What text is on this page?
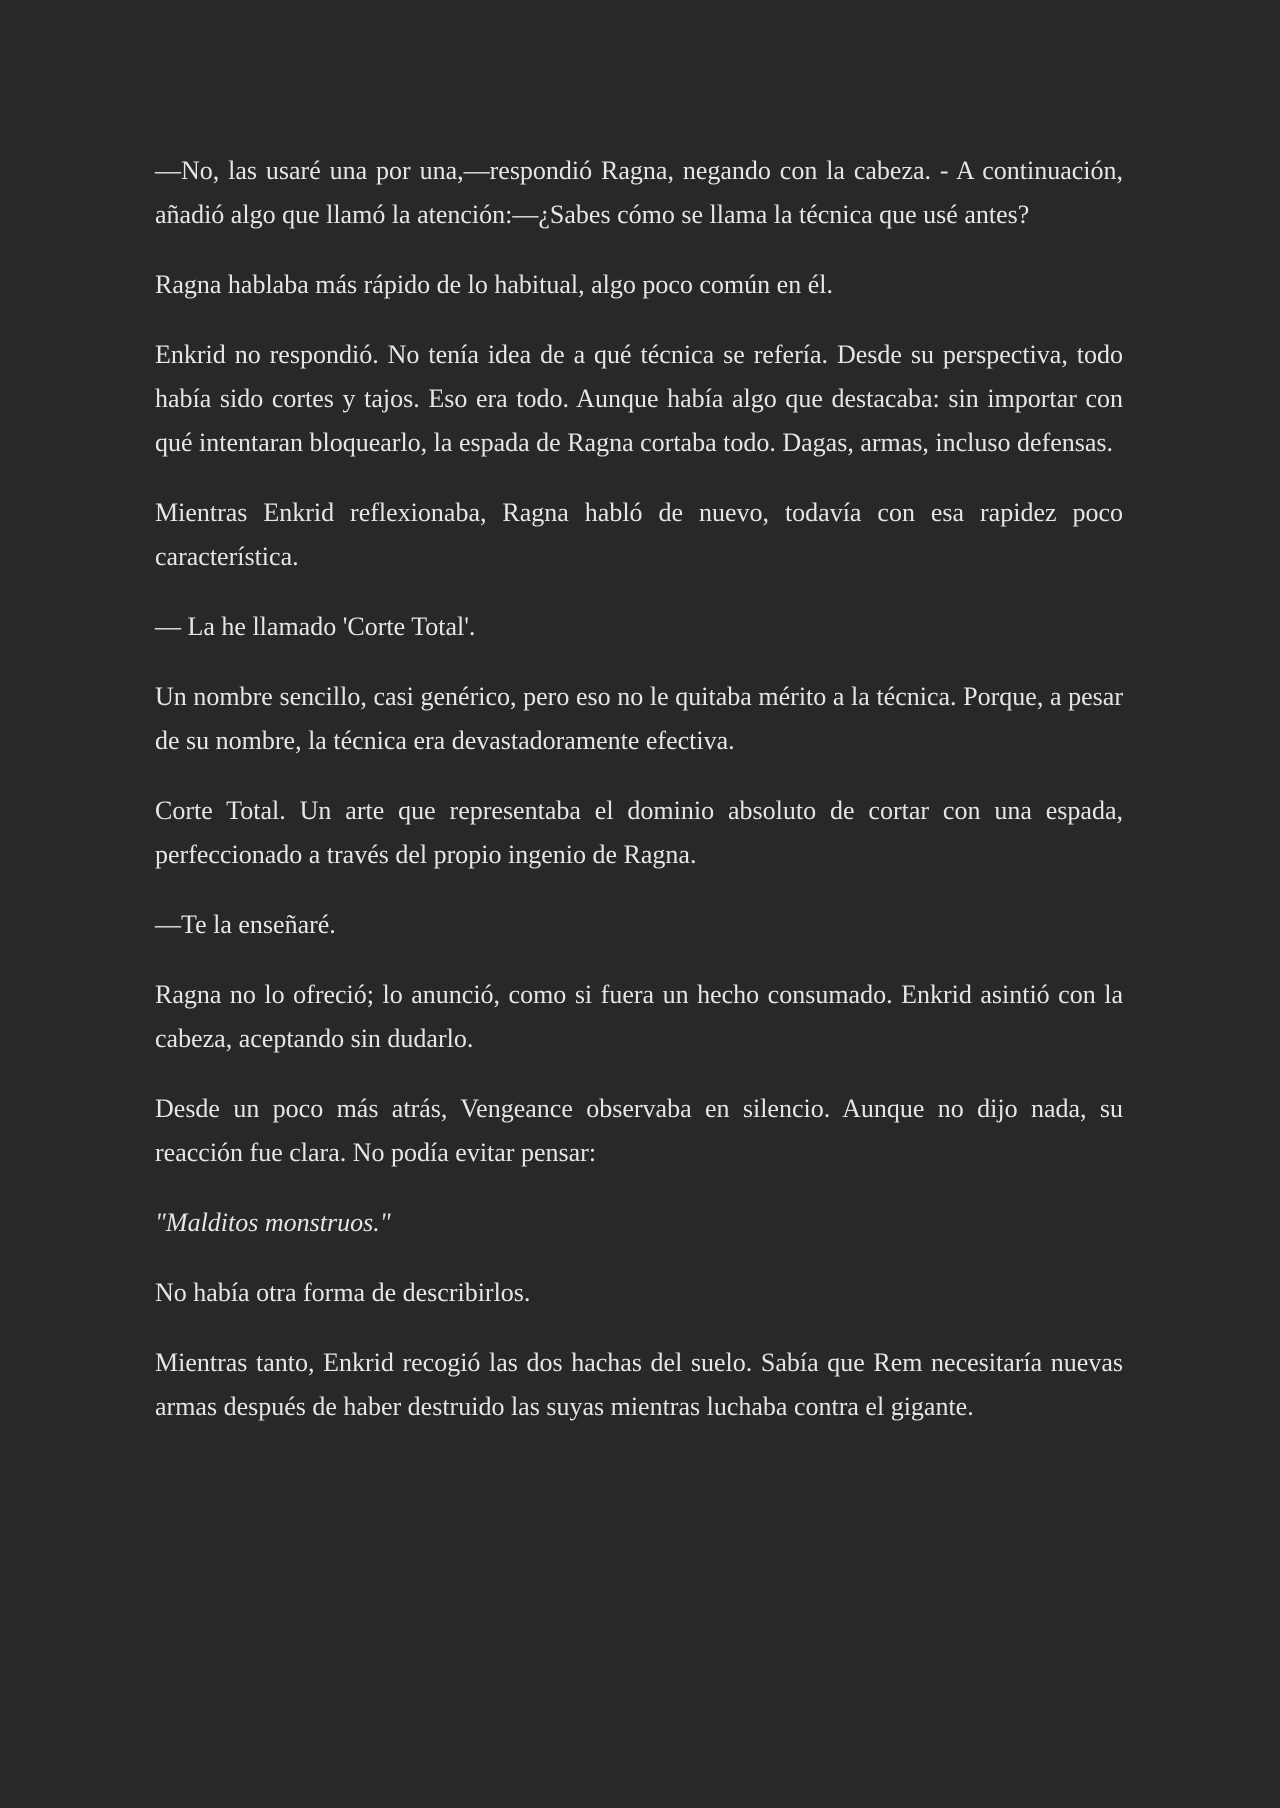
—No, las usaré una por una,—respondió Ragna, negando con la cabeza. - A continuación, añadió algo que llamó la atención:—¿Sabes cómo se llama la técnica que usé antes?

Ragna hablaba más rápido de lo habitual, algo poco común en él.

Enkrid no respondió. No tenía idea de a qué técnica se refería. Desde su perspectiva, todo había sido cortes y tajos. Eso era todo. Aunque había algo que destacaba: sin importar con qué intentaran bloquearlo, la espada de Ragna cortaba todo. Dagas, armas, incluso defensas.

Mientras Enkrid reflexionaba, Ragna habló de nuevo, todavía con esa rapidez poco característica.

— La he llamado 'Corte Total'.

Un nombre sencillo, casi genérico, pero eso no le quitaba mérito a la técnica. Porque, a pesar de su nombre, la técnica era devastadoramente efectiva.

Corte Total. Un arte que representaba el dominio absoluto de cortar con una espada, perfeccionado a través del propio ingenio de Ragna.

—Te la enseñaré.

Ragna no lo ofreció; lo anunció, como si fuera un hecho consumado. Enkrid asintió con la cabeza, aceptando sin dudarlo.

Desde un poco más atrás, Vengeance observaba en silencio. Aunque no dijo nada, su reacción fue clara. No podía evitar pensar:

"Malditos monstruos."

No había otra forma de describirlos.

Mientras tanto, Enkrid recogió las dos hachas del suelo. Sabía que Rem necesitaría nuevas armas después de haber destruido las suyas mientras luchaba contra el gigante.
